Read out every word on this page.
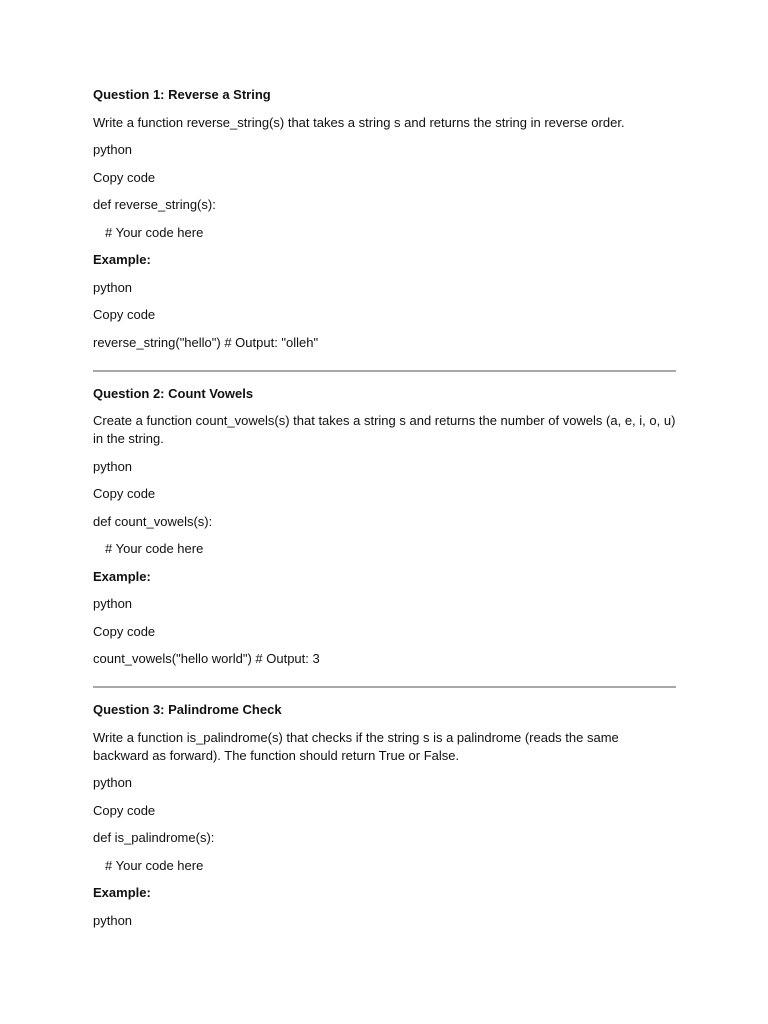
Question 1: Reverse a String

Write a function reverse_string(s) that takes a string s and returns the string in reverse order.

python

Copy code

def reverse_string(s):

# Your code here

Example:

python

Copy code

reverse_string("hello") # Output: "olleh"

Question 2: Count Vowels

Create a function count_vowels(s) that takes a string s and returns the number of vowels (a, e, i, o, u) in the string.

python

Copy code

def count_vowels(s):

# Your code here

Example:

python

Copy code

count_vowels("hello world") # Output: 3

Question 3: Palindrome Check

Write a function is_palindrome(s) that checks if the string s is a palindrome (reads the same backward as forward). The function should return True or False.

python

Copy code

def is_palindrome(s):

# Your code here

Example:

python
